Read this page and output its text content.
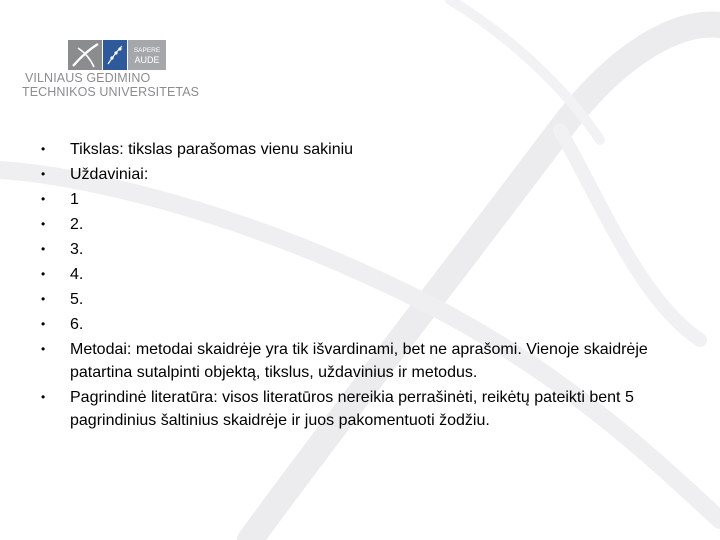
SAPERE
AUDE
VILNIAUS GEDIMINO
TECHNIKOS UNIVERSITETAS
• Tikslas: tikslas parašomas vienu sakiniu
• Uždaviniai:
• 1
• 2.
• 3.
• 4.
• 5.
• 6.
• Metodai: metodai skaidrėje yra tik išvardinami, bet ne aprašomi. Vienoje skaidrėje patartina sutalpinti objektą, tikslus, uždavinius ir metodus.
• Pagrindinė literatūra: visos literatūros nereikia perrašinėti, reikėtų pateikti bent 5 pagrindinius šaltinius skaidrėje ir juos pakomentuoti žodžiu.
